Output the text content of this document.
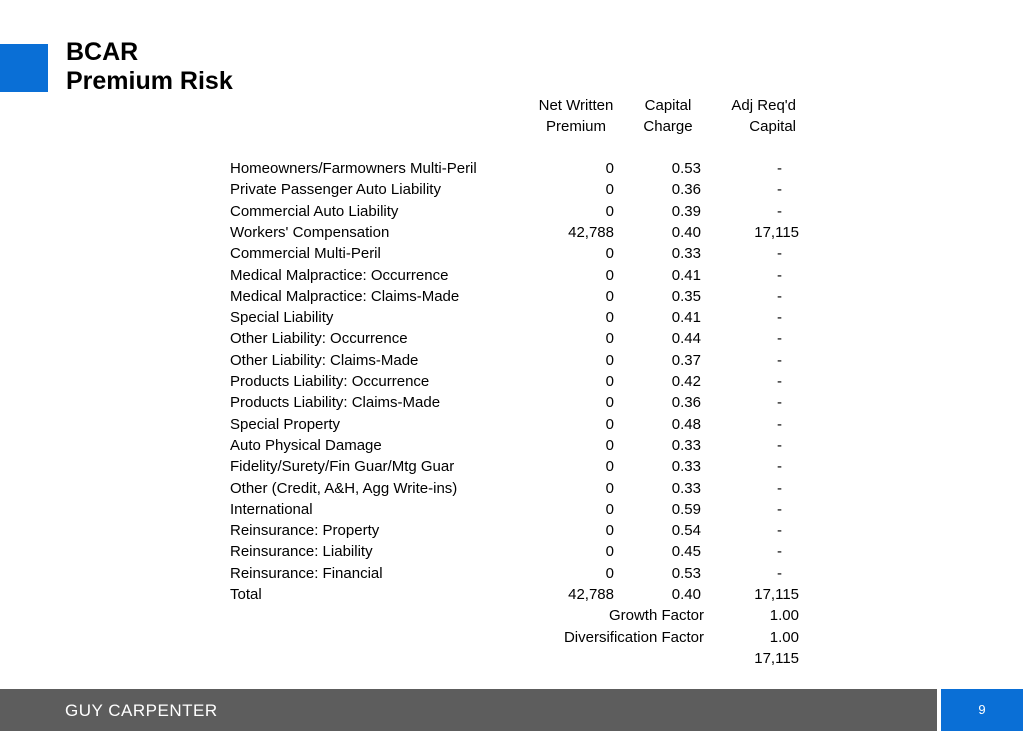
BCAR
Premium Risk
Net Written
Premium
Capital
Charge
Adj Req'd
Capital
Homeowners/Farmowners Multi-Peril	0	0.53	-
Private Passenger Auto Liability	0	0.36	-
Commercial Auto Liability	0	0.39	-
Workers' Compensation	42,788	0.40	17,115
Commercial Multi-Peril	0	0.33	-
Medical Malpractice: Occurrence	0	0.41	-
Medical Malpractice: Claims-Made	0	0.35	-
Special Liability	0	0.41	-
Other Liability: Occurrence	0	0.44	-
Other Liability: Claims-Made	0	0.37	-
Products Liability: Occurrence	0	0.42	-
Products Liability: Claims-Made	0	0.36	-
Special Property	0	0.48	-
Auto Physical Damage	0	0.33	-
Fidelity/Surety/Fin Guar/Mtg Guar	0	0.33	-
Other (Credit, A&H, Agg Write-ins)	0	0.33	-
International	0	0.59	-
Reinsurance: Property	0	0.54	-
Reinsurance: Liability	0	0.45	-
Reinsurance: Financial	0	0.53	-
Total	42,788	0.40	17,115
Growth Factor	1.00
Diversification Factor	1.00
17,115
GUY CARPENTER	9
